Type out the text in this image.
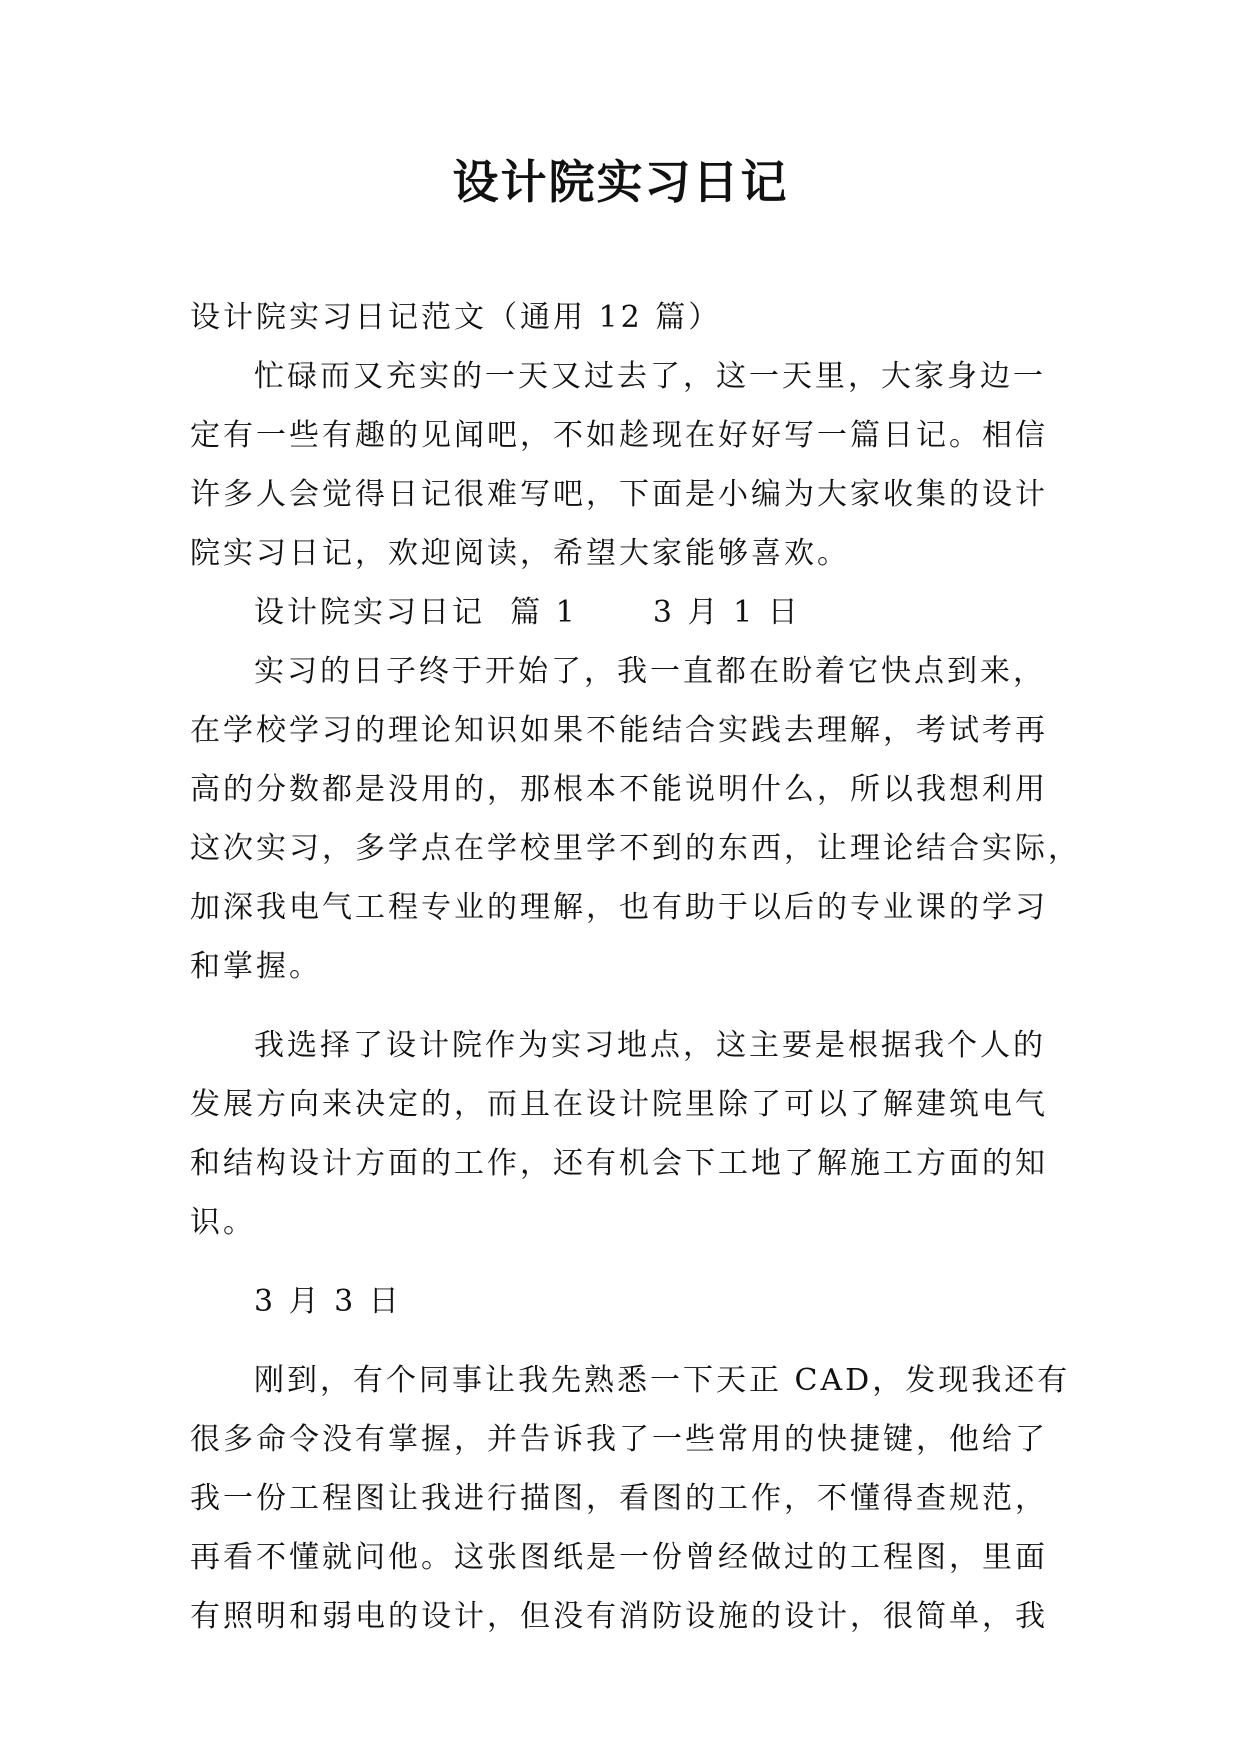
设计院实习日记
设计院实习日记范文（通用 12 篇）
忙碌而又充实的一天又过去了，这一天里，大家身边一
定有一些有趣的见闻吧，不如趁现在好好写一篇日记。相信
许多人会觉得日记很难写吧，下面是小编为大家收集的设计
院实习日记，欢迎阅读，希望大家能够喜欢。
设计院实习日记  篇 1      3 月 1 日
实习的日子终于开始了，我一直都在盼着它快点到来，
在学校学习的理论知识如果不能结合实践去理解，考试考再
高的分数都是没用的，那根本不能说明什么，所以我想利用
这次实习，多学点在学校里学不到的东西，让理论结合实际，
加深我电气工程专业的理解，也有助于以后的专业课的学习
和掌握。
我选择了设计院作为实习地点，这主要是根据我个人的
发展方向来决定的，而且在设计院里除了可以了解建筑电气
和结构设计方面的工作，还有机会下工地了解施工方面的知
识。
3 月 3 日
刚到，有个同事让我先熟悉一下天正 CAD，发现我还有
很多命令没有掌握，并告诉我了一些常用的快捷键，他给了
我一份工程图让我进行描图，看图的工作，不懂得查规范，
再看不懂就问他。这张图纸是一份曾经做过的工程图，里面
有照明和弱电的设计，但没有消防设施的设计，很简单，我
